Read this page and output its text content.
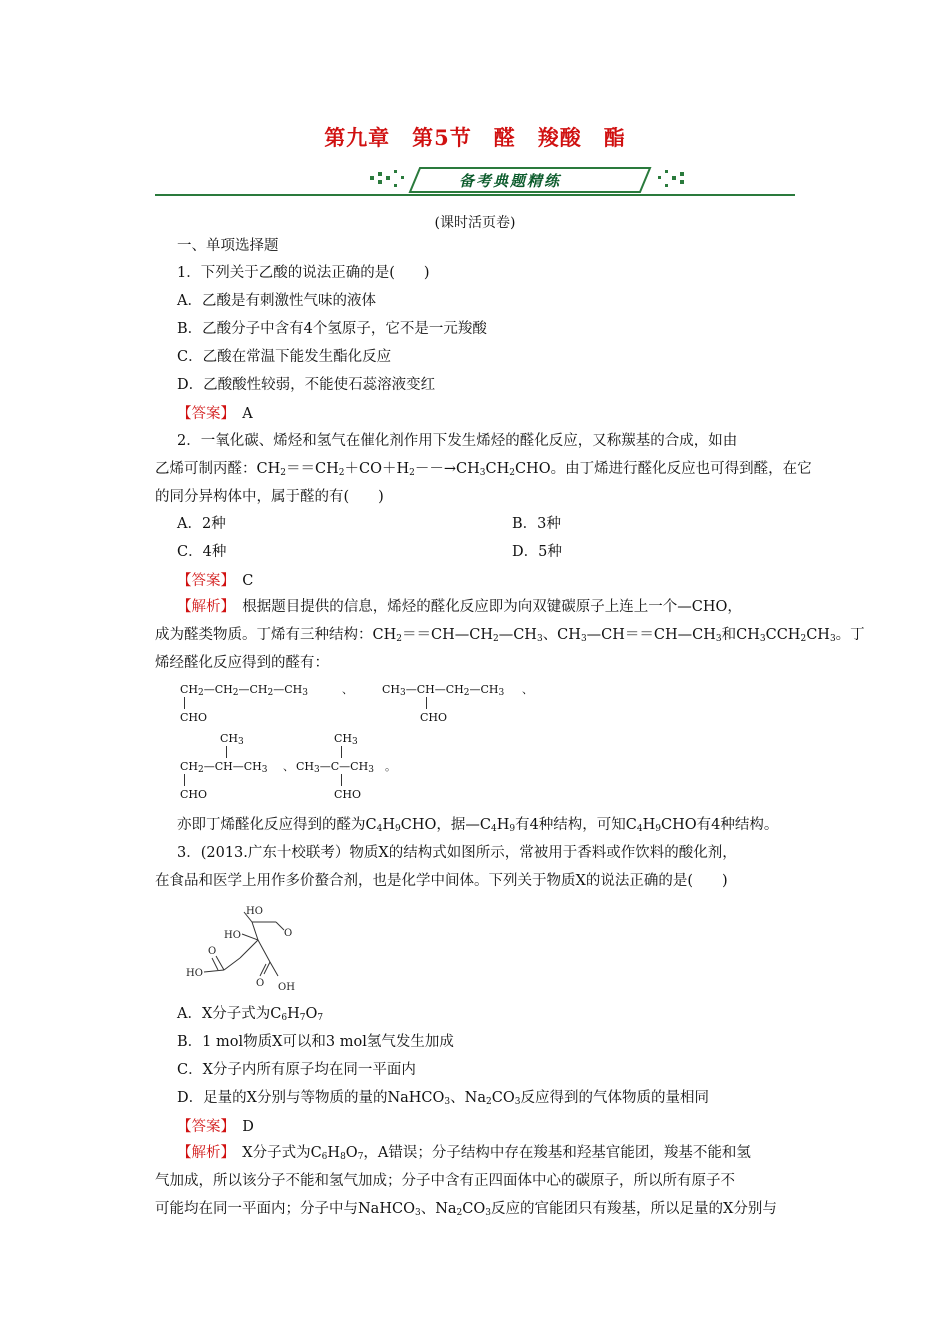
第九章　第5节　醛　羧酸　酯
备考典题精练
(课时活页卷)
一、单项选择题
1．下列关于乙酸的说法正确的是(　　)
A．乙酸是有刺激性气味的液体
B．乙酸分子中含有4个氢原子，它不是一元羧酸
C．乙酸在常温下能发生酯化反应
D．乙酸酸性较弱，不能使石蕊溶液变红
【答案】　 A
2．一氧化碳、烯烃和氢气在催化剂作用下发生烯烃的醛化反应，又称羰基的合成，如由
乙烯可制丙醛：$CH_2==CH_2+CO+H_2--\to CH_3CH_2CHO$。由丁烯进行醛化反应也可得到醛，在它
的同分异构体中，属于醛的有(　　)
A．2种	B．3种
C．4种	D．5种
【答案】　 C
【解析】　 根据题目提供的信息，烯烃的醛化反应即为向双键碳原子上连上一个—CHO，
成为醛类物质。丁烯有三种结构：$CH_2==CH—CH_2—CH_3$、$CH_3—CH==CH—CH_3$和$CH_3CCH_2CH_3$。丁
烯经醛化反应得到的醛有：
$CH_2—CH_2—CH_2—CH_3$
CHO
、	$CH_3—CH—CH_2—CH_3$
CHO
、
$CH_3$
$CH_2—CH—CH_3$
CHO
、
$CH_3$
$CH_3—C—CH_3$
CHO
。
亦即丁烯醛化反应得到的醛为$C_4H_9CHO$，据$—C_4H_9$有4种结构，可知$C_4H_9CHO$有4种结构。
3．(2013.广东十校联考）物质X的结构式如图所示，常被用于香料或作饮料的酸化剂，
在食品和医学上用作多价螯合剂，也是化学中间体。下列关于物质X的说法正确的是(　　)
HO
O
HO
O
HO
O OH
A．X分子式为$C_6H_7O_7$
B．1 mol物质X可以和3 mol氢气发生加成
C．X分子内所有原子均在同一平面内
D．足量的X分别与等物质的量的NaHCO$_3$、$Na_2CO_3$反应得到的气体物质的量相同
【答案】　 D
【解析】　 X分子式为$C_6H_8O_7$，A错误；分子结构中存在羧基和羟基官能团，羧基不能和氢
气加成，所以该分子不能和氢气加成；分子中含有正四面体中心的碳原子，所以所有原子不
可能均在同一平面内；分子中与NaHCO$_3$、$Na_2CO_3$反应的官能团只有羧基，所以足量的X分别与
